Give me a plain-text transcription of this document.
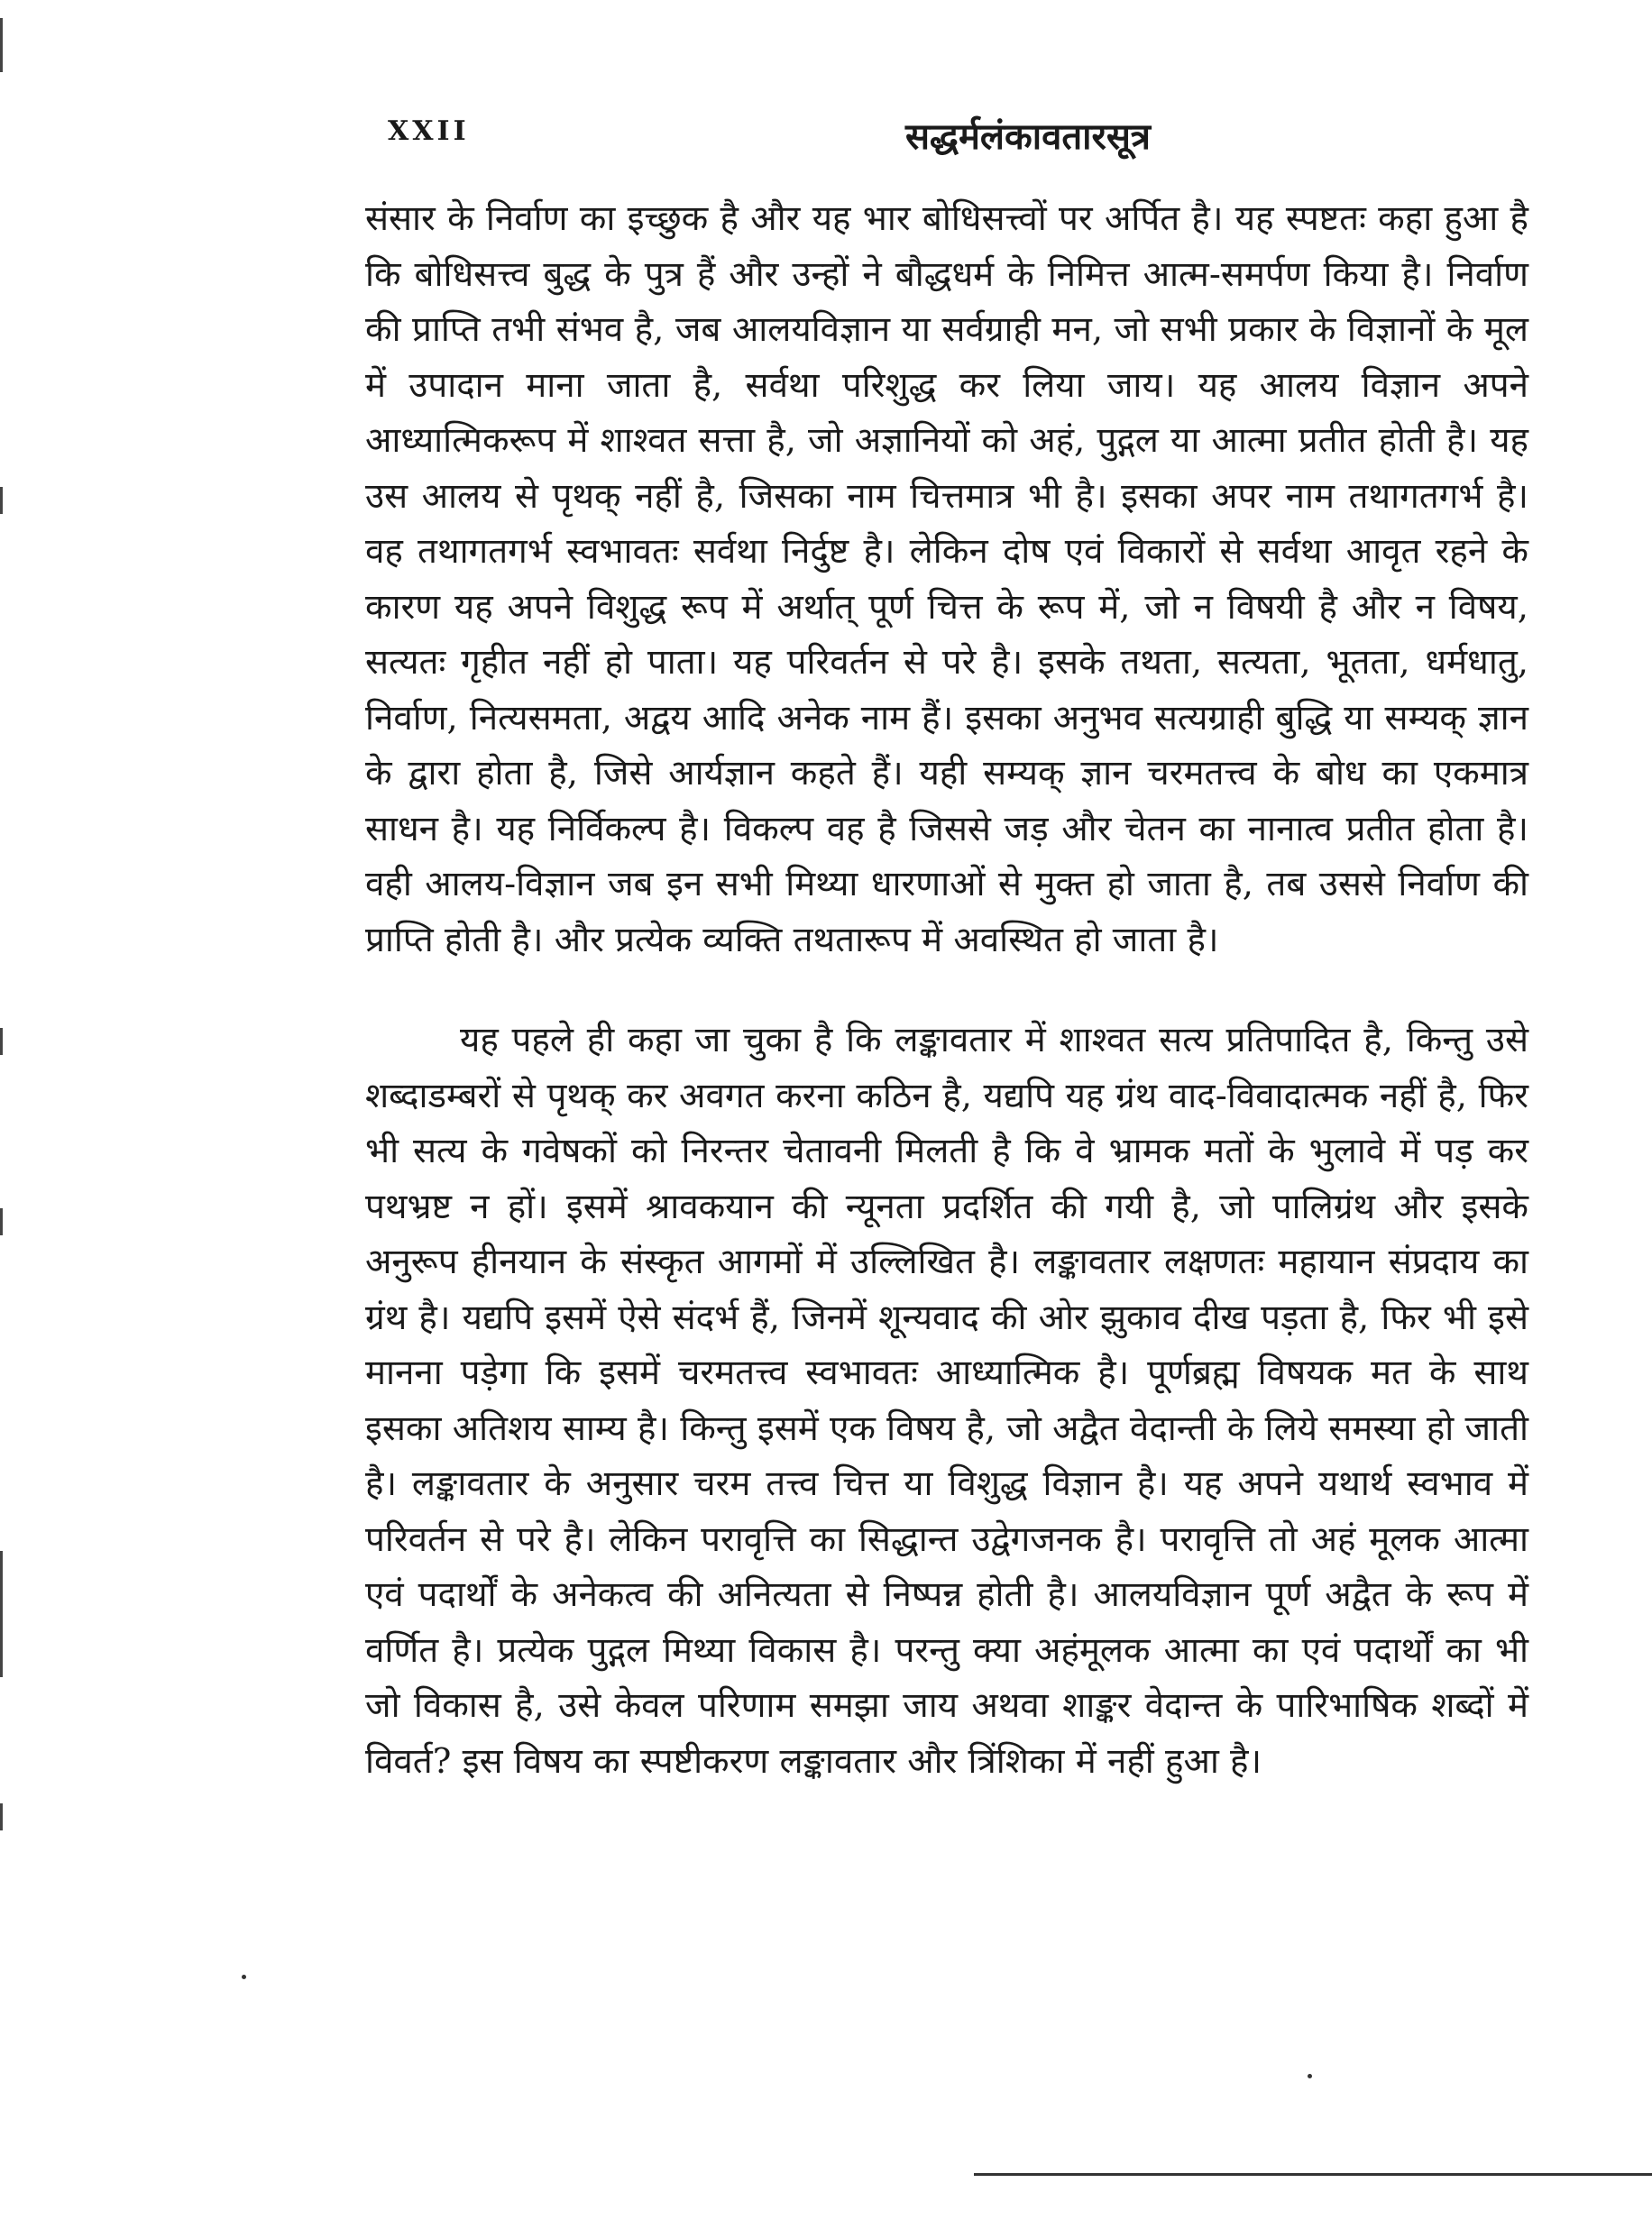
XXII	सद्धर्मलंकावतारसूत्र

संसार के निर्वाण का इच्छुक है और यह भार बोधिसत्त्वों पर अर्पित है। यह स्पष्टतः कहा हुआ है कि बोधिसत्त्व बुद्ध के पुत्र हैं और उन्हों ने बौद्धधर्म के निमित्त आत्म-समर्पण किया है। निर्वाण की प्राप्ति तभी संभव है, जब आलयविज्ञान या सर्वग्राही मन, जो सभी प्रकार के विज्ञानों के मूल में उपादान माना जाता है, सर्वथा परिशुद्ध कर लिया जाय। यह आलय विज्ञान अपने आध्यात्मिकरूप में शाश्वत सत्ता है, जो अज्ञानियों को अहं, पुद्गल या आत्मा प्रतीत होती है। यह उस आलय से पृथक् नहीं है, जिसका नाम चित्तमात्र भी है। इसका अपर नाम तथागतगर्भ है। वह तथागतगर्भ स्वभावतः सर्वथा निर्दुष्ट है। लेकिन दोष एवं विकारों से सर्वथा आवृत रहने के कारण यह अपने विशुद्ध रूप में अर्थात् पूर्ण चित्त के रूप में, जो न विषयी है और न विषय, सत्यतः गृहीत नहीं हो पाता। यह परिवर्तन से परे है। इसके तथता, सत्यता, भूतता, धर्मधातु, निर्वाण, नित्यसमता, अद्वय आदि अनेक नाम हैं। इसका अनुभव सत्यग्राही बुद्धि या सम्यक् ज्ञान के द्वारा होता है, जिसे आर्यज्ञान कहते हैं। यही सम्यक् ज्ञान चरमतत्त्व के बोध का एकमात्र साधन है। यह निर्विकल्प है। विकल्प वह है जिससे जड़ और चेतन का नानात्व प्रतीत होता है। वही आलय-विज्ञान जब इन सभी मिथ्या धारणाओं से मुक्त हो जाता है, तब उससे निर्वाण की प्राप्ति होती है। और प्रत्येक व्यक्ति तथतारूप में अवस्थित हो जाता है।

यह पहले ही कहा जा चुका है कि लङ्कावतार में शाश्वत सत्य प्रतिपादित है, किन्तु उसे शब्दाडम्बरों से पृथक् कर अवगत करना कठिन है, यद्यपि यह ग्रंथ वाद-विवादात्मक नहीं है, फिर भी सत्य के गवेषकों को निरन्तर चेतावनी मिलती है कि वे भ्रामक मतों के भुलावे में पड़ कर पथभ्रष्ट न हों। इसमें श्रावकयान की न्यूनता प्रदर्शित की गयी है, जो पालिग्रंथ और इसके अनुरूप हीनयान के संस्कृत आगमों में उल्लिखित है। लङ्कावतार लक्षणतः महायान संप्रदाय का ग्रंथ है। यद्यपि इसमें ऐसे संदर्भ हैं, जिनमें शून्यवाद की ओर झुकाव दीख पड़ता है, फिर भी इसे मानना पड़ेगा कि इसमें चरमतत्त्व स्वभावतः आध्यात्मिक है। पूर्णब्रह्म विषयक मत के साथ इसका अतिशय साम्य है। किन्तु इसमें एक विषय है, जो अद्वैत वेदान्ती के लिये समस्या हो जाती है। लङ्कावतार के अनुसार चरम तत्त्व चित्त या विशुद्ध विज्ञान है। यह अपने यथार्थ स्वभाव में परिवर्तन से परे है। लेकिन परावृत्ति का सिद्धान्त उद्वेगजनक है। परावृत्ति तो अहं मूलक आत्मा एवं पदार्थों के अनेकत्व की अनित्यता से निष्पन्न होती है। आलयविज्ञान पूर्ण अद्वैत के रूप में वर्णित है। प्रत्येक पुद्गल मिथ्या विकास है। परन्तु क्या अहंमूलक आत्मा का एवं पदार्थों का भी जो विकास है, उसे केवल परिणाम समझा जाय अथवा शाङ्कर वेदान्त के पारिभाषिक शब्दों में विवर्त? इस विषय का स्पष्टीकरण लङ्कावतार और त्रिंशिका में नहीं हुआ है।
